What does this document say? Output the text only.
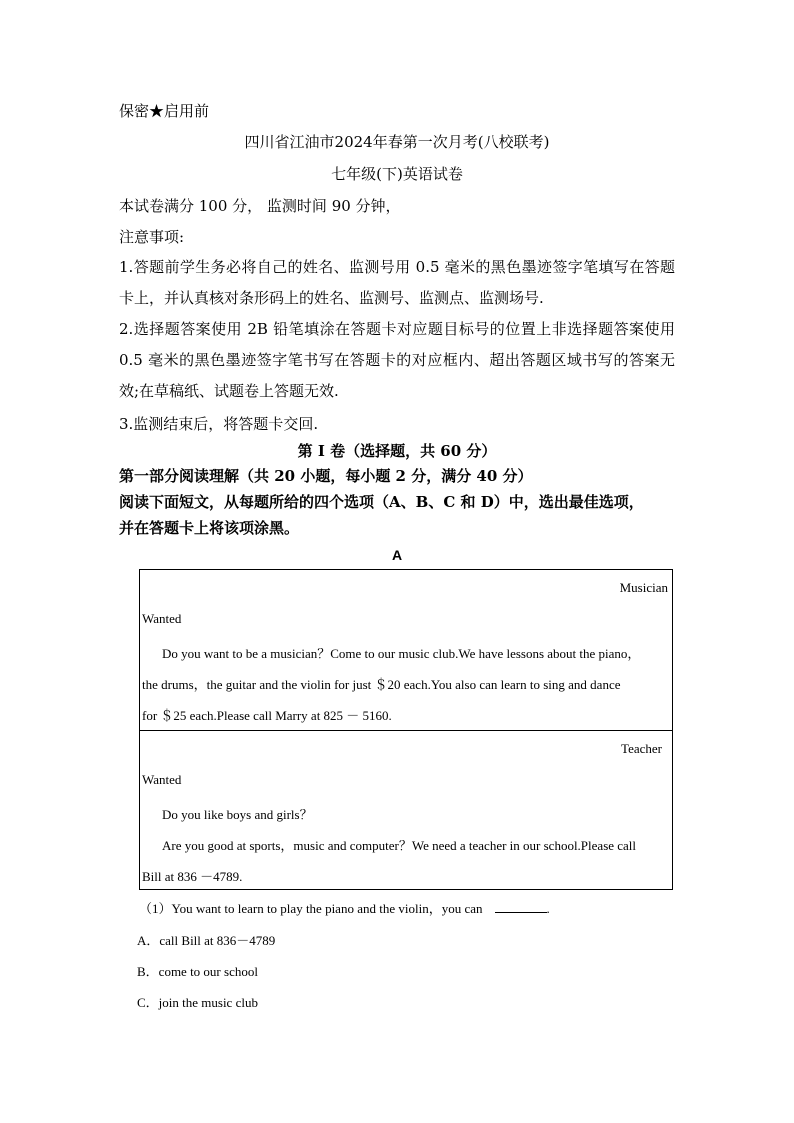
保密★启用前
四川省江油市2024年春第一次月考(八校联考)
七年级(下)英语试卷
本试卷满分 100 分， 监测时间 90 分钟，
注意事项:
1.答题前学生务必将自己的姓名、监测号用 0.5 毫米的黑色墨迹签字笔填写在答题卡上，并认真核对条形码上的姓名、监测号、监测点、监测场号.
2.选择题答案使用 2B 铅笔填涂在答题卡对应题目标号的位置上非选择题答案使用 0.5 毫米的黑色墨迹签字笔书写在答题卡的对应框内、超出答题区域书写的答案无效;在草稿纸、试题卷上答题无效.
3.监测结束后，将答题卡交回.
第 I 卷（选择题，共 60 分）
第一部分阅读理解（共 20 小题，每小题 2 分，满分 40 分）
阅读下面短文，从每题所给的四个选项（A、B、C 和 D）中，选出最佳选项，
并在答题卡上将该项涂黑。
A
Musician
Wanted
Do you want to be a musician？Come to our music club.We have lessons about the piano，
the drums，the guitar and the violin for just ＄20 each.You also can learn to sing and dance
for ＄25 each.Please call Marry at 825 － 5160.
Teacher
Wanted
Do you like boys and girls？
Are you good at sports，music and computer？We need a teacher in our school.Please call
Bill at 836 －4789.
（1）You want to learn to play the piano and the violin，you can	.
A．call Bill at 836－4789
B．come to our school
C．join the music club
